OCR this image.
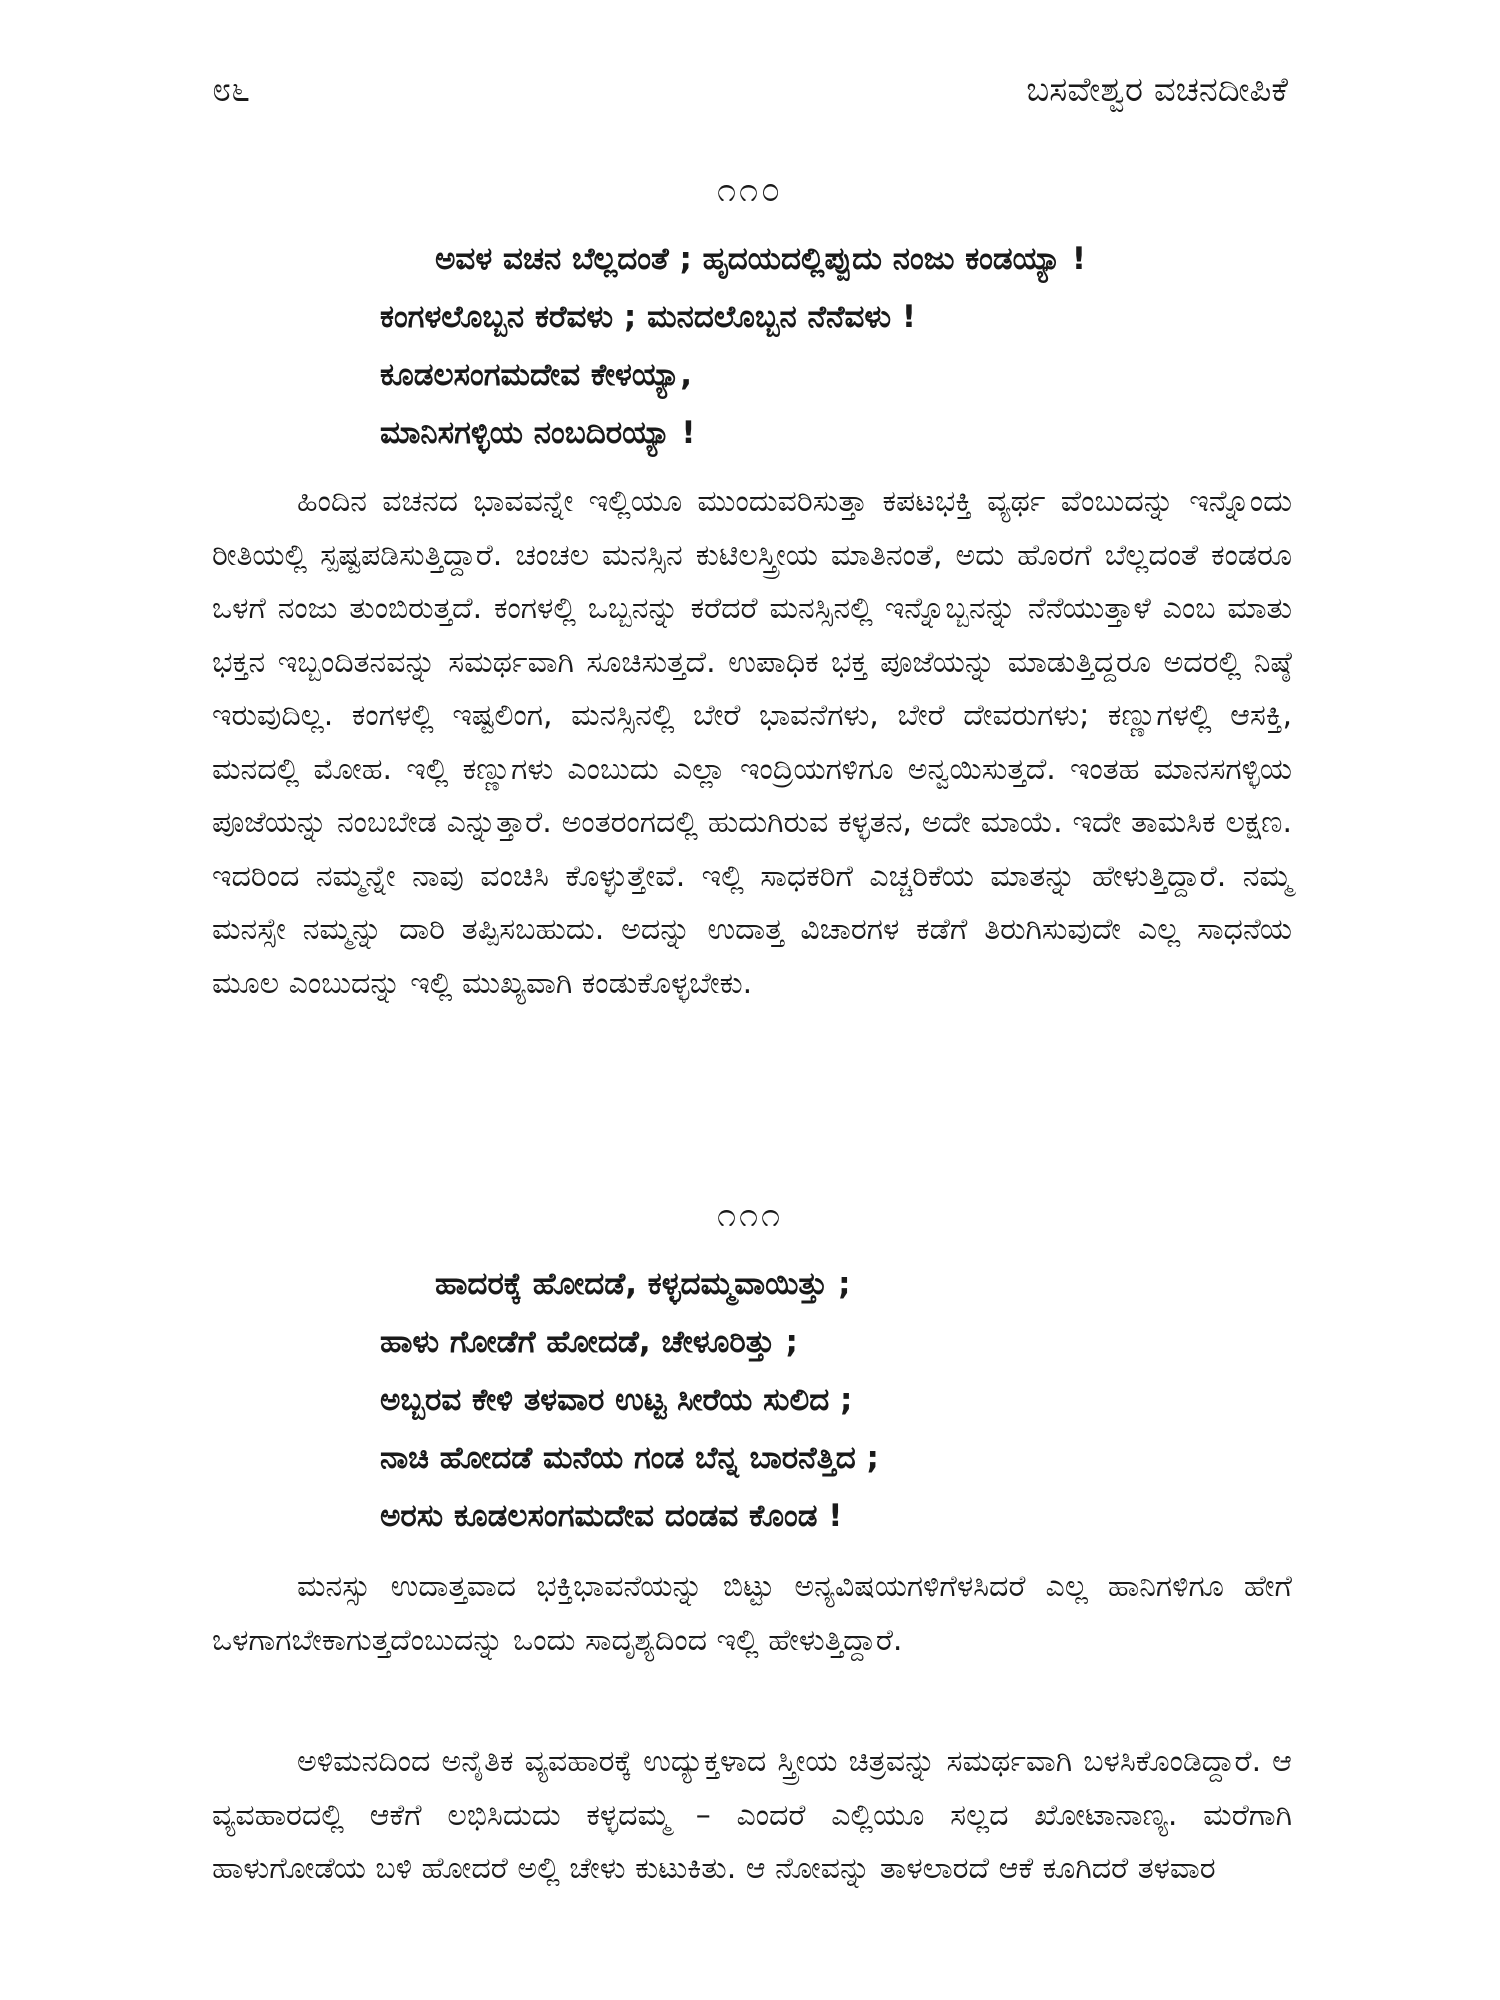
೮೬	ಬಸವೇಶ್ವರ ವಚನದೀಪಿಕೆ
೧೧೦
ಅವಳ ವಚನ ಬೆಲ್ಲದಂತೆ ; ಹೃದಯದಲ್ಲಿಪ್ಪುದು ನಂಜು ಕಂಡಯ್ಯಾ !
ಕಂಗಳಲೊಬ್ಬನ ಕರೆವಳು ; ಮನದಲೊಬ್ಬನ ನೆನೆವಳು !
ಕೂಡಲಸಂಗಮದೇವ ಕೇಳಯ್ಯಾ,
ಮಾನಿಸಗಳ್ಳಿಯ ನಂಬದಿರಯ್ಯಾ !

ಹಿಂದಿನ ವಚನದ ಭಾವವನ್ನೇ ಇಲ್ಲಿಯೂ ಮುಂದುವರಿಸುತ್ತಾ ಕಪಟಭಕ್ತಿ ವ್ಯರ್ಥ ವೆಂಬುದನ್ನು ಇನ್ನೊಂದು ರೀತಿಯಲ್ಲಿ ಸ್ಪಷ್ಟಪಡಿಸುತ್ತಿದ್ದಾರೆ. ಚಂಚಲ ಮನಸ್ಸಿನ ಕುಟಿಲಸ್ತ್ರೀಯ ಮಾತಿನಂತೆ, ಅದು ಹೊರಗೆ ಬೆಲ್ಲದಂತೆ ಕಂಡರೂ ಒಳಗೆ ನಂಜು ತುಂಬಿರುತ್ತದೆ. ಕಂಗಳಲ್ಲಿ ಒಬ್ಬನನ್ನು ಕರೆದರೆ ಮನಸ್ಸಿನಲ್ಲಿ ಇನ್ನೊಬ್ಬನನ್ನು ನೆನೆಯುತ್ತಾಳೆ ಎಂಬ ಮಾತು ಭಕ್ತನ ಇಬ್ಬಂದಿತನವನ್ನು ಸಮರ್ಥವಾಗಿ ಸೂಚಿಸುತ್ತದೆ. ಉಪಾಧಿಕ ಭಕ್ತ ಪೂಜೆಯನ್ನು ಮಾಡುತ್ತಿದ್ದರೂ ಅದರಲ್ಲಿ ನಿಷ್ಠೆ ಇರುವುದಿಲ್ಲ. ಕಂಗಳಲ್ಲಿ ಇಷ್ಟಲಿಂಗ, ಮನಸ್ಸಿನಲ್ಲಿ ಬೇರೆ ಭಾವನೆಗಳು, ಬೇರೆ ದೇವರುಗಳು; ಕಣ್ಣುಗಳಲ್ಲಿ ಆಸಕ್ತಿ, ಮನದಲ್ಲಿ ಮೋಹ. ಇಲ್ಲಿ ಕಣ್ಣುಗಳು ಎಂಬುದು ಎಲ್ಲಾ ಇಂದ್ರಿಯಗಳಿಗೂ ಅನ್ವಯಿಸುತ್ತದೆ. ಇಂತಹ ಮಾನಸಗಳ್ಳಿಯ ಪೂಜೆಯನ್ನು ನಂಬಬೇಡ ಎನ್ನುತ್ತಾರೆ. ಅಂತರಂಗದಲ್ಲಿ ಹುದುಗಿರುವ ಕಳ್ಳತನ, ಅದೇ ಮಾಯೆ. ಇದೇ ತಾಮಸಿಕ ಲಕ್ಷಣ. ಇದರಿಂದ ನಮ್ಮನ್ನೇ ನಾವು ವಂಚಿಸಿ ಕೊಳ್ಳುತ್ತೇವೆ. ಇಲ್ಲಿ ಸಾಧಕರಿಗೆ ಎಚ್ಚರಿಕೆಯ ಮಾತನ್ನು ಹೇಳುತ್ತಿದ್ದಾರೆ. ನಮ್ಮ ಮನಸ್ಸೇ ನಮ್ಮನ್ನು ದಾರಿ ತಪ್ಪಿಸಬಹುದು. ಅದನ್ನು ಉದಾತ್ತ ವಿಚಾರಗಳ ಕಡೆಗೆ ತಿರುಗಿಸುವುದೇ ಎಲ್ಲ ಸಾಧನೆಯ ಮೂಲ ಎಂಬುದನ್ನು ಇಲ್ಲಿ ಮುಖ್ಯವಾಗಿ ಕಂಡುಕೊಳ್ಳಬೇಕು.

೧೧೧
ಹಾದರಕ್ಕೆ ಹೋದಡೆ, ಕಳ್ಳದಮ್ಮವಾಯಿತ್ತು ;
ಹಾಳು ಗೋಡೆಗೆ ಹೋದಡೆ, ಚೇಳೂರಿತ್ತು ;
ಅಬ್ಬರವ ಕೇಳಿ ತಳವಾರ ಉಟ್ಟ ಸೀರೆಯ ಸುಲಿದ ;
ನಾಚಿ ಹೋದಡೆ ಮನೆಯ ಗಂಡ ಬೆನ್ನ ಬಾರನೆತ್ತಿದ ;
ಅರಸು ಕೂಡಲಸಂಗಮದೇವ ದಂಡವ ಕೊಂಡ !

ಮನಸ್ಸು ಉದಾತ್ತವಾದ ಭಕ್ತಿಭಾವನೆಯನ್ನು ಬಿಟ್ಟು ಅನ್ಯವಿಷಯಗಳಿಗೆಳಸಿದರೆ ಎಲ್ಲ ಹಾನಿಗಳಿಗೂ ಹೇಗೆ ಒಳಗಾಗಬೇಕಾಗುತ್ತದೆಂಬುದನ್ನು ಒಂದು ಸಾದೃಶ್ಯದಿಂದ ಇಲ್ಲಿ ಹೇಳುತ್ತಿದ್ದಾರೆ.

ಅಳಿಮನದಿಂದ ಅನೈತಿಕ ವ್ಯವಹಾರಕ್ಕೆ ಉದ್ಯುಕ್ತಳಾದ ಸ್ತ್ರೀಯ ಚಿತ್ರವನ್ನು ಸಮರ್ಥವಾಗಿ ಬಳಸಿಕೊಂಡಿದ್ದಾರೆ. ಆ ವ್ಯವಹಾರದಲ್ಲಿ ಆಕೆಗೆ ಲಭಿಸಿದುದು ಕಳ್ಳದಮ್ಮ – ಎಂದರೆ ಎಲ್ಲಿಯೂ ಸಲ್ಲದ ಖೋಟಾನಾಣ್ಯ. ಮರೆಗಾಗಿ ಹಾಳುಗೋಡೆಯ ಬಳಿ ಹೋದರೆ ಅಲ್ಲಿ ಚೇಳು ಕುಟುಕಿತು. ಆ ನೋವನ್ನು ತಾಳಲಾರದೆ ಆಕೆ ಕೂಗಿದರೆ ತಳವಾರ
